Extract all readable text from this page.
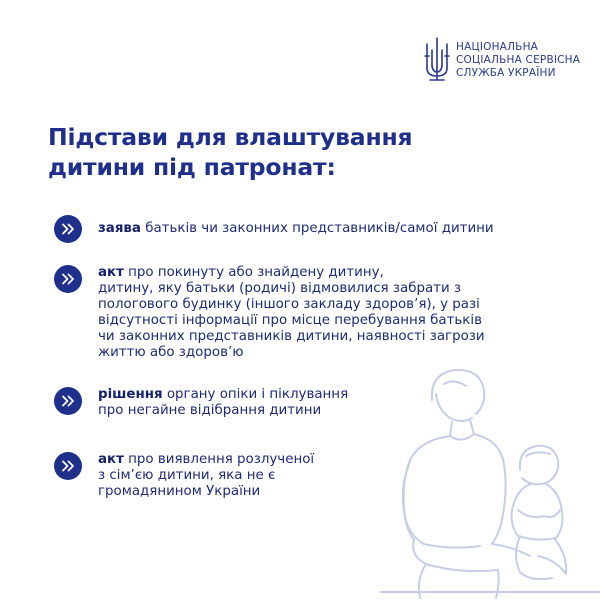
НАЦІОНАЛЬНА
СОЦІАЛЬНА СЕРВІСНА
СЛУЖБА УКРАЇНИ
Підстави для влаштування
дитини під патронат:
заява батьків чи законних представників/самої дитини
акт про покинуту або знайдену дитину,
дитину, яку батьки (родичі) відмовилися забрати з
пологового будинку (іншого закладу здоров’я), у разі
відсутності інформації про місце перебування батьків
чи законних представників дитини, наявності загрози
життю або здоров’ю
рішення органу опіки і піклування
про негайне відібрання дитини
акт про виявлення розлученої
з сім’єю дитини, яка не є
громадянином України
